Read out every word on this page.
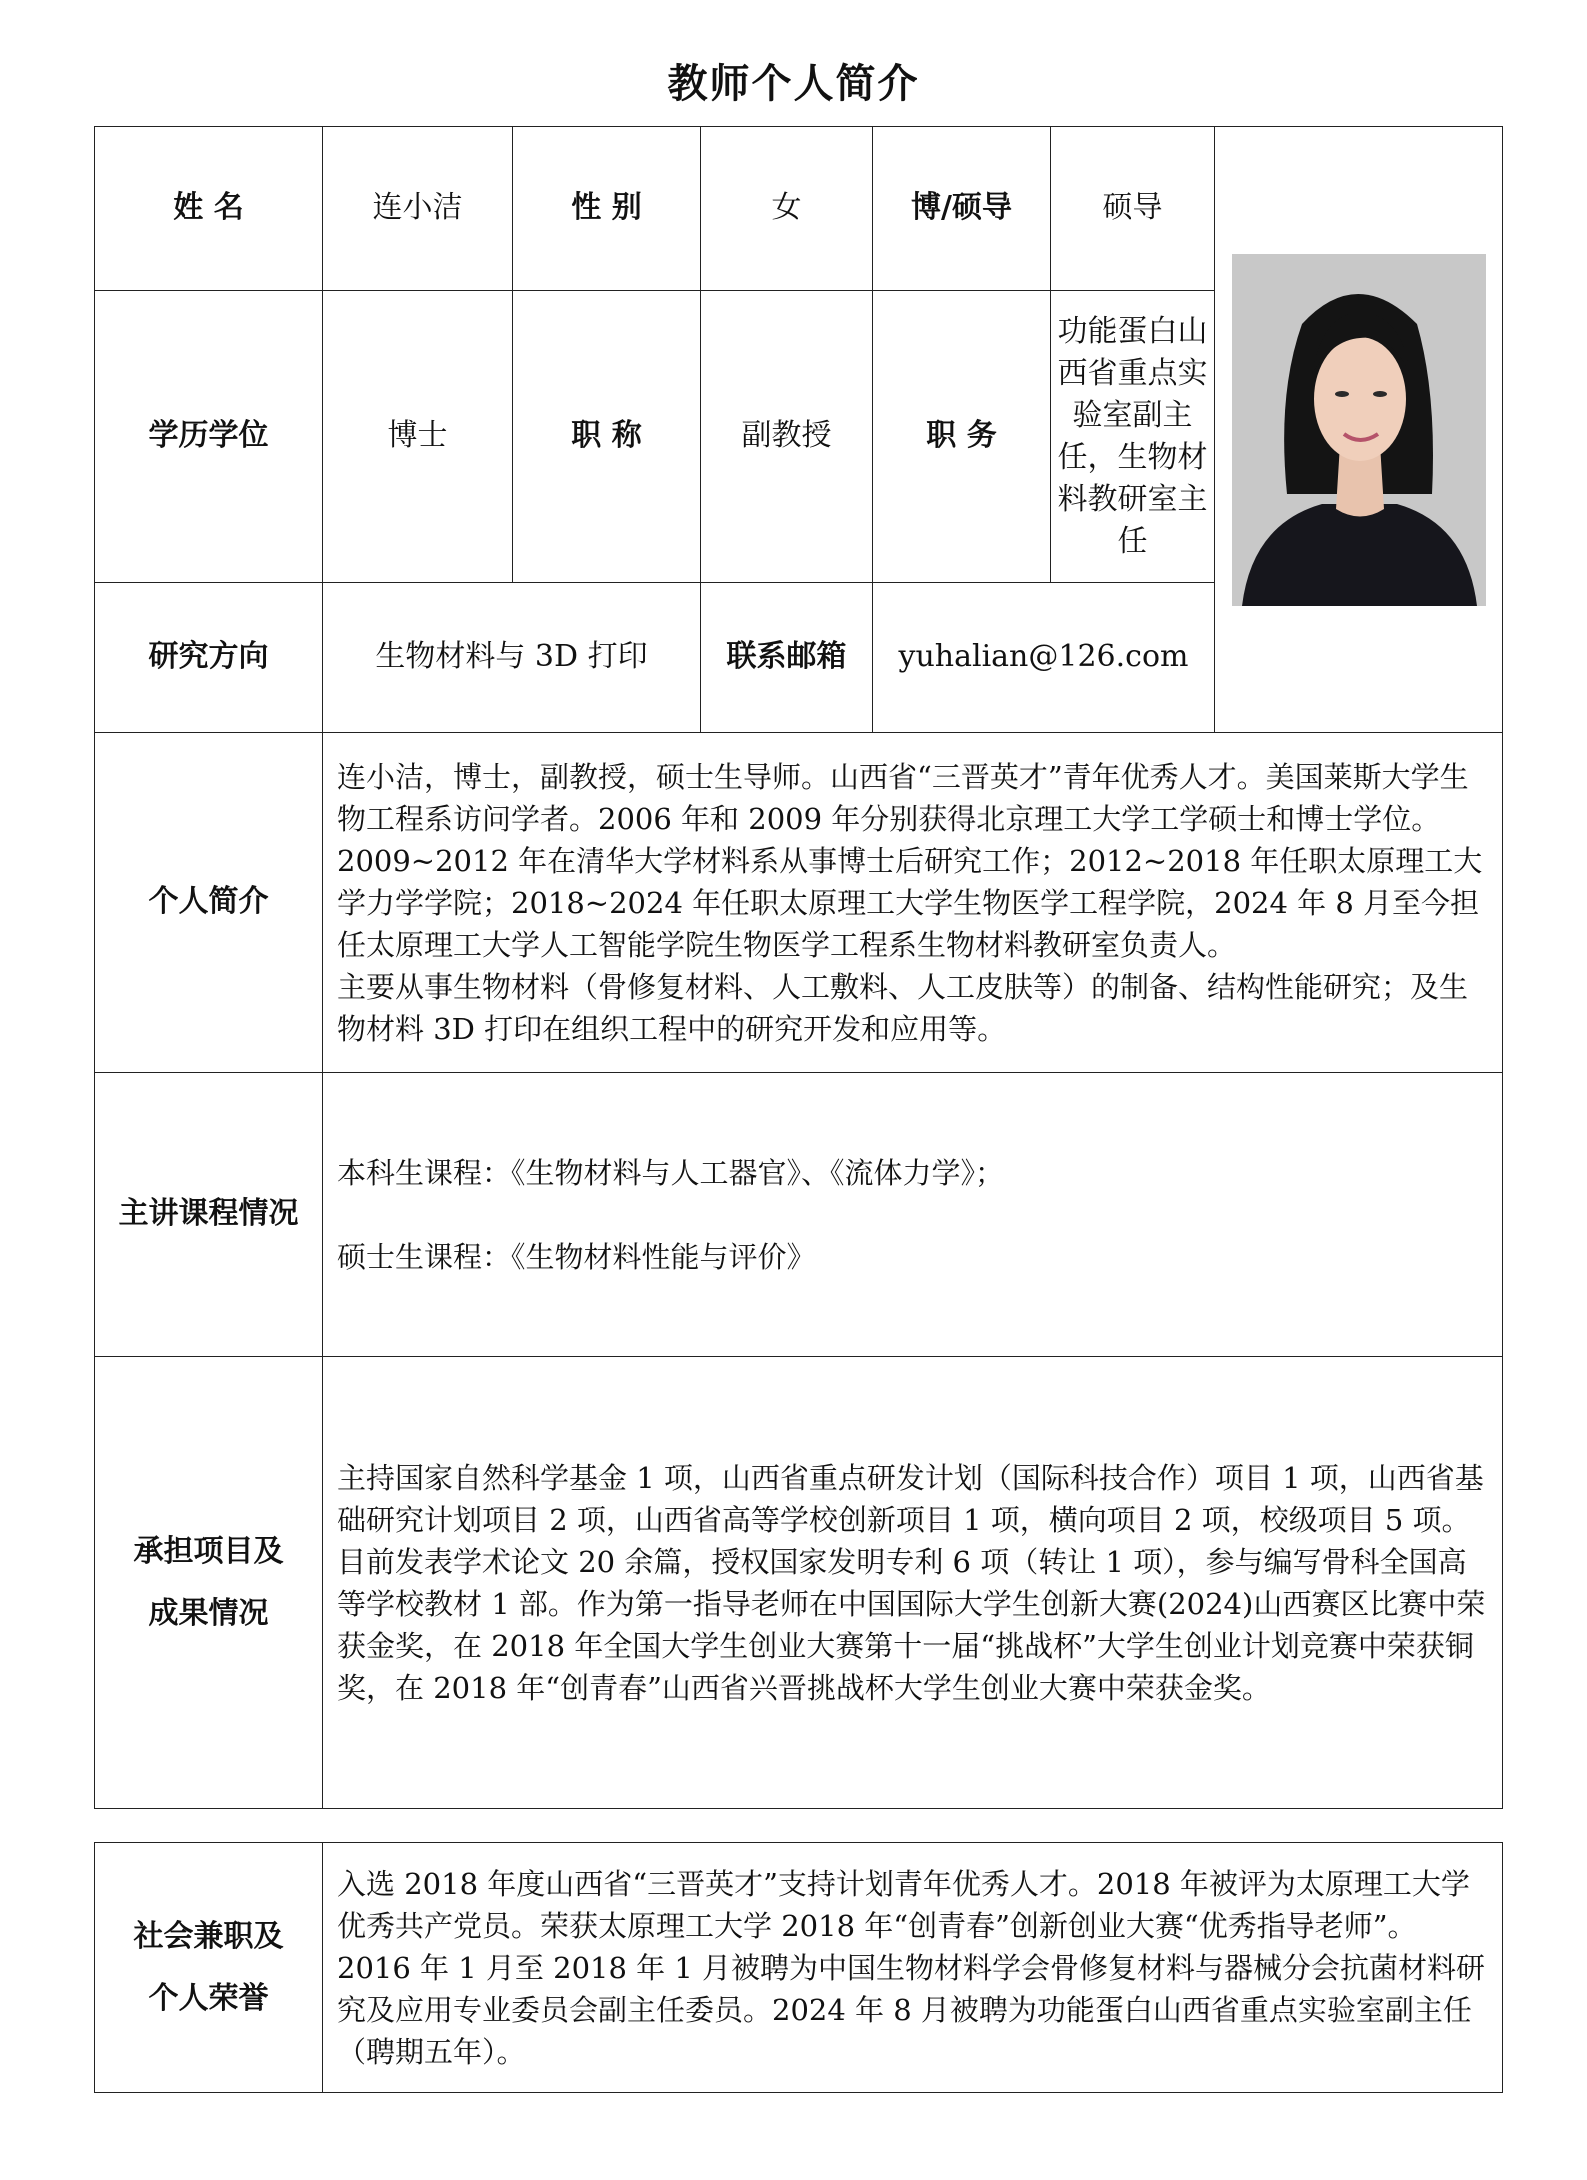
教师个人简介
姓 名	连小洁	性 别	女	博/硕导	硕导	

学历学位	博士	职 称	副教授	职 务	功能蛋白山西省重点实验室副主任，生物材料教研室主任	
研究方向	生物材料与 3D 打印		联系邮箱	yuhalian@126.com		
个人简介	连小洁，博士，副教授，硕士生导师。山西省“三晋英才”青年优秀人才。美国莱斯大学生物工程系访问学者。2006 年和 2009 年分别获得北京理工大学工学硕士和博士学位。2009~2012 年在清华大学材料系从事博士后研究工作；2012~2018 年任职太原理工大学力学学院；2018~2024 年任职太原理工大学生物医学工程学院，2024 年 8 月至今担任太原理工大学人工智能学院生物医学工程系生物材料教研室负责人。
主要从事生物材料（骨修复材料、人工敷料、人工皮肤等）的制备、结构性能研究；及生物材料 3D 打印在组织工程中的研究开发和应用等。					

主讲课程情况	本科生课程：《生物材料与人工器官》、《流体力学》；
硕士生课程：《生物材料性能与评价》					

承担项目及
成果情况	主持国家自然科学基金 1 项，山西省重点研发计划（国际科技合作）项目 1 项，山西省基础研究计划项目 2 项，山西省高等学校创新项目 1 项，横向项目 2 项，校级项目 5 项。目前发表学术论文 20 余篇，授权国家发明专利 6 项（转让 1 项），参与编写骨科全国高等学校教材 1 部。作为第一指导老师在中国国际大学生创新大赛(2024)山西赛区比赛中荣获金奖，在 2018 年全国大学生创业大赛第十一届“挑战杯”大学生创业计划竞赛中荣获铜奖，在 2018 年“创青春”山西省兴晋挑战杯大学生创业大赛中荣获金奖。					
社会兼职及
个人荣誉
	入选 2018 年度山西省“三晋英才”支持计划青年优秀人才。2018 年被评为太原理工大学优秀共产党员。荣获太原理工大学 2018 年“创青春”创新创业大赛“优秀指导老师”。2016 年 1 月至 2018 年 1 月被聘为中国生物材料学会骨修复材料与器械分会抗菌材料研究及应用专业委员会副主任委员。2024 年 8 月被聘为功能蛋白山西省重点实验室副主任（聘期五年）。
